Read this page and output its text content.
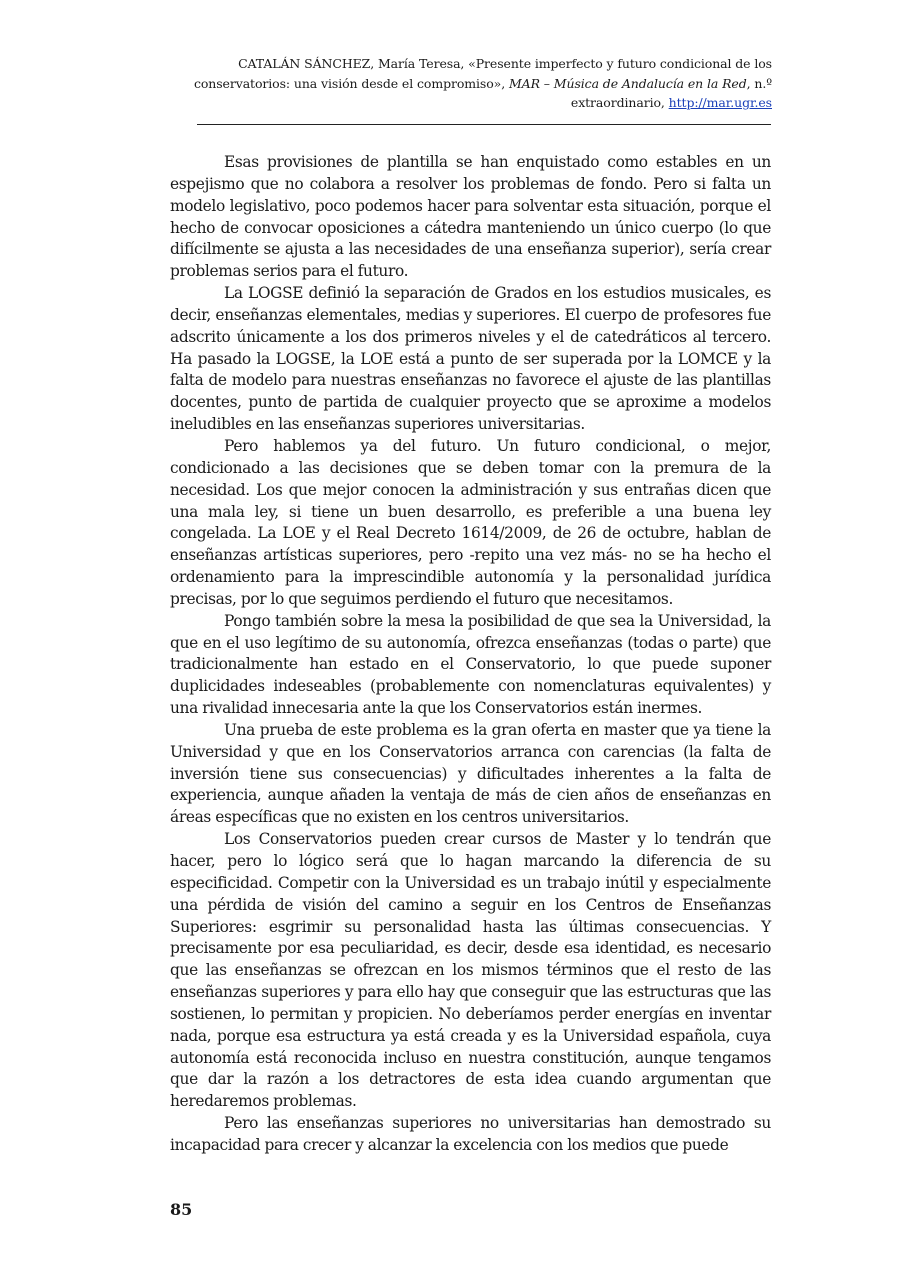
CATALÁN SÁNCHEZ, María Teresa, «Presente imperfecto y futuro condicional de los conservatorios: una visión desde el compromiso», MAR – Música de Andalucía en la Red, n.º extraordinario, http://mar.ugr.es

Esas provisiones de plantilla se han enquistado como estables en un espejismo que no colabora a resolver los problemas de fondo. Pero si falta un modelo legislativo, poco podemos hacer para solventar esta situación, porque el hecho de convocar oposiciones a cátedra manteniendo un único cuerpo (lo que difícilmente se ajusta a las necesidades de una enseñanza superior), sería crear problemas serios para el futuro.

La LOGSE definió la separación de Grados en los estudios musicales, es decir, enseñanzas elementales, medias y superiores. El cuerpo de profesores fue adscrito únicamente a los dos primeros niveles y el de catedráticos al tercero. Ha pasado la LOGSE, la LOE está a punto de ser superada por la LOMCE y la falta de modelo para nuestras enseñanzas no favorece el ajuste de las plantillas docentes, punto de partida de cualquier proyecto que se aproxime a modelos ineludibles en las enseñanzas superiores universitarias.

Pero hablemos ya del futuro. Un futuro condicional, o mejor, condicionado a las decisiones que se deben tomar con la premura de la necesidad. Los que mejor conocen la administración y sus entrañas dicen que una mala ley, si tiene un buen desarrollo, es preferible a una buena ley congelada. La LOE y el Real Decreto 1614/2009, de 26 de octubre, hablan de enseñanzas artísticas superiores, pero -repito una vez más- no se ha hecho el ordenamiento para la imprescindible autonomía y la personalidad jurídica precisas, por lo que seguimos perdiendo el futuro que necesitamos.

Pongo también sobre la mesa la posibilidad de que sea la Universidad, la que en el uso legítimo de su autonomía, ofrezca enseñanzas (todas o parte) que tradicionalmente han estado en el Conservatorio, lo que puede suponer duplicidades indeseables (probablemente con nomenclaturas equivalentes) y una rivalidad innecesaria ante la que los Conservatorios están inermes.

Una prueba de este problema es la gran oferta en master que ya tiene la Universidad y que en los Conservatorios arranca con carencias (la falta de inversión tiene sus consecuencias) y dificultades inherentes a la falta de experiencia, aunque añaden la ventaja de más de cien años de enseñanzas en áreas específicas que no existen en los centros universitarios.

Los Conservatorios pueden crear cursos de Master y lo tendrán que hacer, pero lo lógico será que lo hagan marcando la diferencia de su especificidad. Competir con la Universidad es un trabajo inútil y especialmente una pérdida de visión del camino a seguir en los Centros de Enseñanzas Superiores: esgrimir su personalidad hasta las últimas consecuencias. Y precisamente por esa peculiaridad, es decir, desde esa identidad, es necesario que las enseñanzas se ofrezcan en los mismos términos que el resto de las enseñanzas superiores y para ello hay que conseguir que las estructuras que las sostienen, lo permitan y propicien. No deberíamos perder energías en inventar nada, porque esa estructura ya está creada y es la Universidad española, cuya autonomía está reconocida incluso en nuestra constitución, aunque tengamos que dar la razón a los detractores de esta idea cuando argumentan que heredaremos problemas.

Pero las enseñanzas superiores no universitarias han demostrado su incapacidad para crecer y alcanzar la excelencia con los medios que puede

85
